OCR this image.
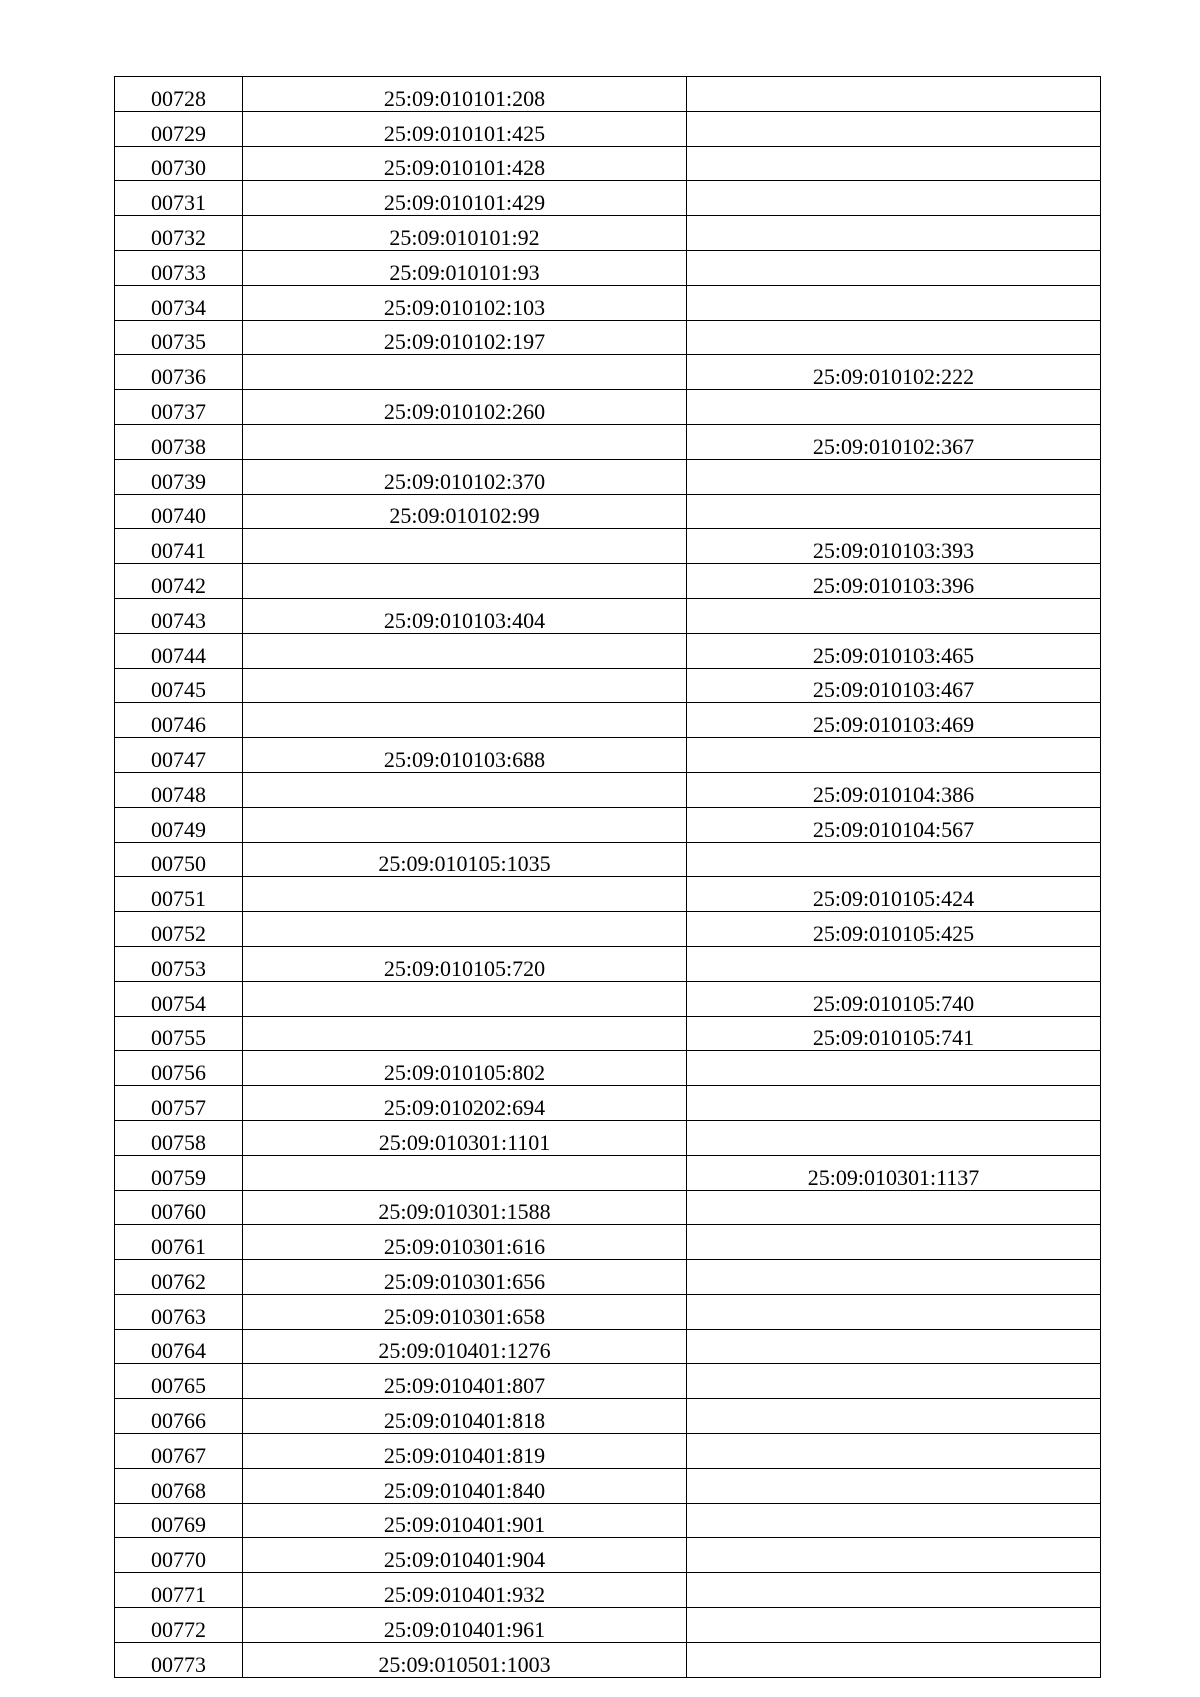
00728	25:09:010101:208	
00729	25:09:010101:425	
00730	25:09:010101:428	
00731	25:09:010101:429	
00732	25:09:010101:92	
00733	25:09:010101:93	
00734	25:09:010102:103	
00735	25:09:010102:197	
00736		25:09:010102:222
00737	25:09:010102:260	
00738		25:09:010102:367
00739	25:09:010102:370	
00740	25:09:010102:99	
00741		25:09:010103:393
00742		25:09:010103:396
00743	25:09:010103:404	
00744		25:09:010103:465
00745		25:09:010103:467
00746		25:09:010103:469
00747	25:09:010103:688	
00748		25:09:010104:386
00749		25:09:010104:567
00750	25:09:010105:1035	
00751		25:09:010105:424
00752		25:09:010105:425
00753	25:09:010105:720	
00754		25:09:010105:740
00755		25:09:010105:741
00756	25:09:010105:802	
00757	25:09:010202:694	
00758	25:09:010301:1101	
00759		25:09:010301:1137
00760	25:09:010301:1588	
00761	25:09:010301:616	
00762	25:09:010301:656	
00763	25:09:010301:658	
00764	25:09:010401:1276	
00765	25:09:010401:807	
00766	25:09:010401:818	
00767	25:09:010401:819	
00768	25:09:010401:840	
00769	25:09:010401:901	
00770	25:09:010401:904	
00771	25:09:010401:932	
00772	25:09:010401:961	
00773	25:09:010501:1003	
